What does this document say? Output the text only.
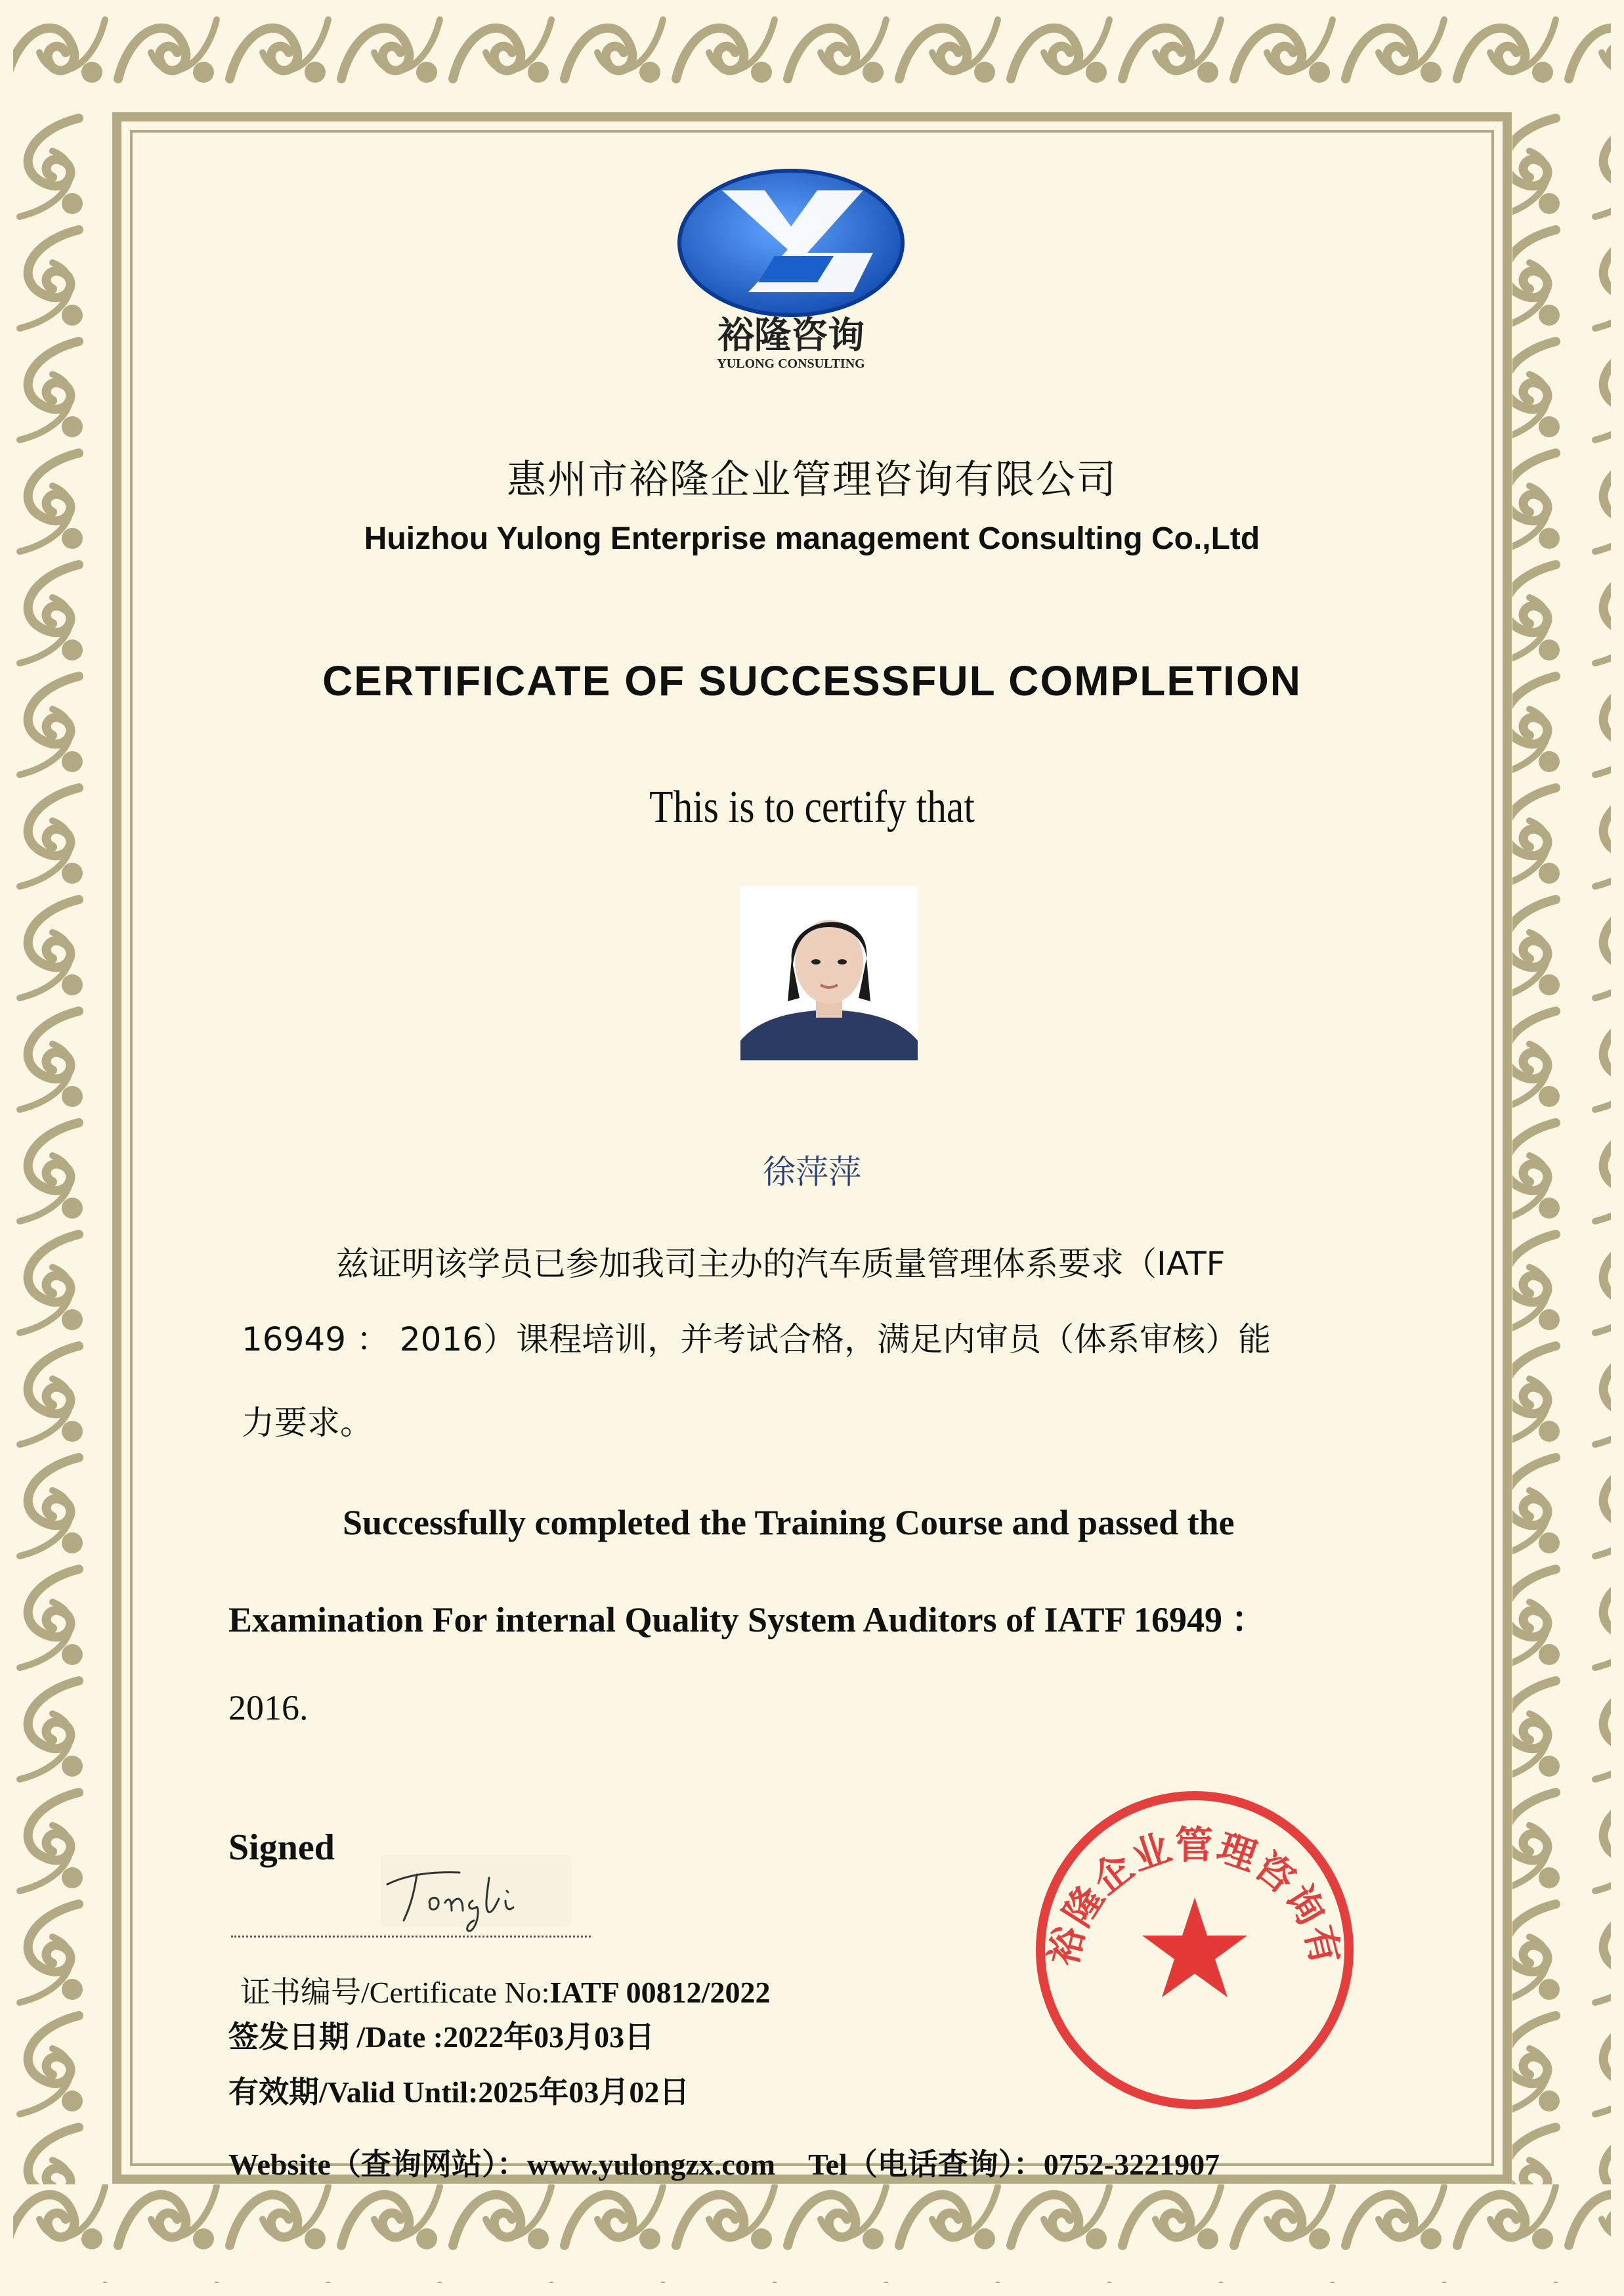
裕隆咨询
YULONG CONSULTING
惠州市裕隆企业管理咨询有限公司
Huizhou Yulong Enterprise management Consulting Co.,Ltd
CERTIFICATE OF SUCCESSFUL COMPLETION
This is to certify that
徐萍萍
兹证明该学员已参加我司主办的汽车质量管理体系要求（IATF
16949 ： 2016）课程培训，并考试合格，满足内审员（体系审核）能
力要求。
Successfully completed the Training Course and passed the
Examination For internal Quality System Auditors of IATF 16949 ：
2016.
Signed
证书编号/Certificate No:IATF 00812/2022
签发日期 /Date :2022年03月03日
有效期/Valid Until:2025年03月02日
Website（查询网站）：www.yulongzx.com Tel（电话查询）：0752-3221907
裕隆企业管理咨询有
